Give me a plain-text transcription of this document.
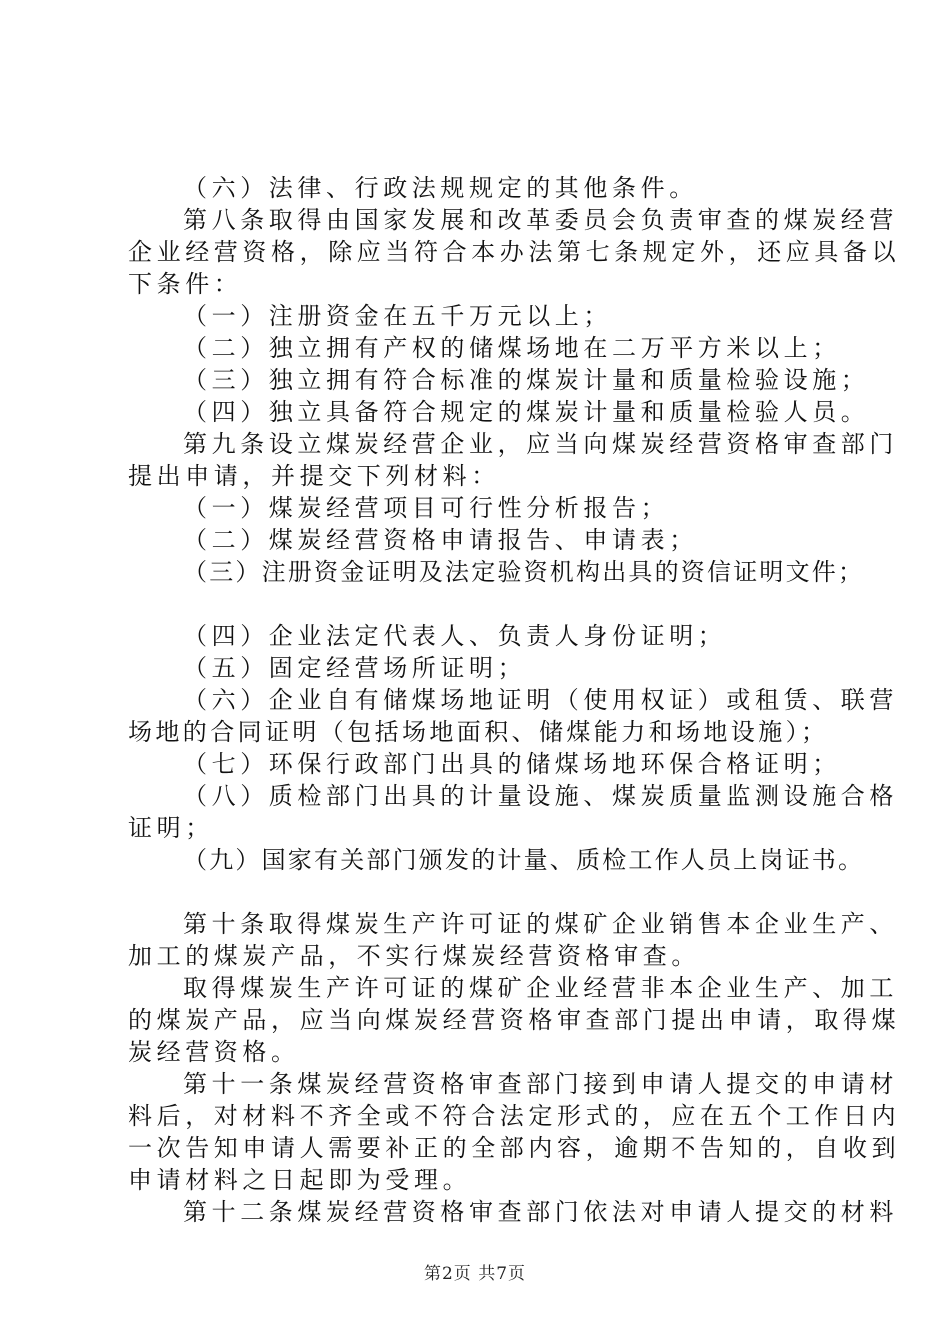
（六）法律、行政法规规定的其他条件。
第八条取得由国家发展和改革委员会负责审查的煤炭经营
企业经营资格，除应当符合本办法第七条规定外，还应具备以
下条件：
（一）注册资金在五千万元以上；
（二）独立拥有产权的储煤场地在二万平方米以上；
（三）独立拥有符合标准的煤炭计量和质量检验设施；
（四）独立具备符合规定的煤炭计量和质量检验人员。
第九条设立煤炭经营企业，应当向煤炭经营资格审查部门
提出申请，并提交下列材料：
（一）煤炭经营项目可行性分析报告；
（二）煤炭经营资格申请报告、申请表；
（三）注册资金证明及法定验资机构出具的资信证明文件；
（四）企业法定代表人、负责人身份证明；
（五）固定经营场所证明；
（六）企业自有储煤场地证明（使用权证）或租赁、联营
场地的合同证明（包括场地面积、储煤能力和场地设施）；
（七）环保行政部门出具的储煤场地环保合格证明；
（八）质检部门出具的计量设施、煤炭质量监测设施合格
证明；
（九）国家有关部门颁发的计量、质检工作人员上岗证书。
第十条取得煤炭生产许可证的煤矿企业销售本企业生产、
加工的煤炭产品，不实行煤炭经营资格审查。
取得煤炭生产许可证的煤矿企业经营非本企业生产、加工
的煤炭产品，应当向煤炭经营资格审查部门提出申请，取得煤
炭经营资格。
第十一条煤炭经营资格审查部门接到申请人提交的申请材
料后，对材料不齐全或不符合法定形式的，应在五个工作日内
一次告知申请人需要补正的全部内容，逾期不告知的，自收到
申请材料之日起即为受理。
第十二条煤炭经营资格审查部门依法对申请人提交的材料
第2页 共7页
